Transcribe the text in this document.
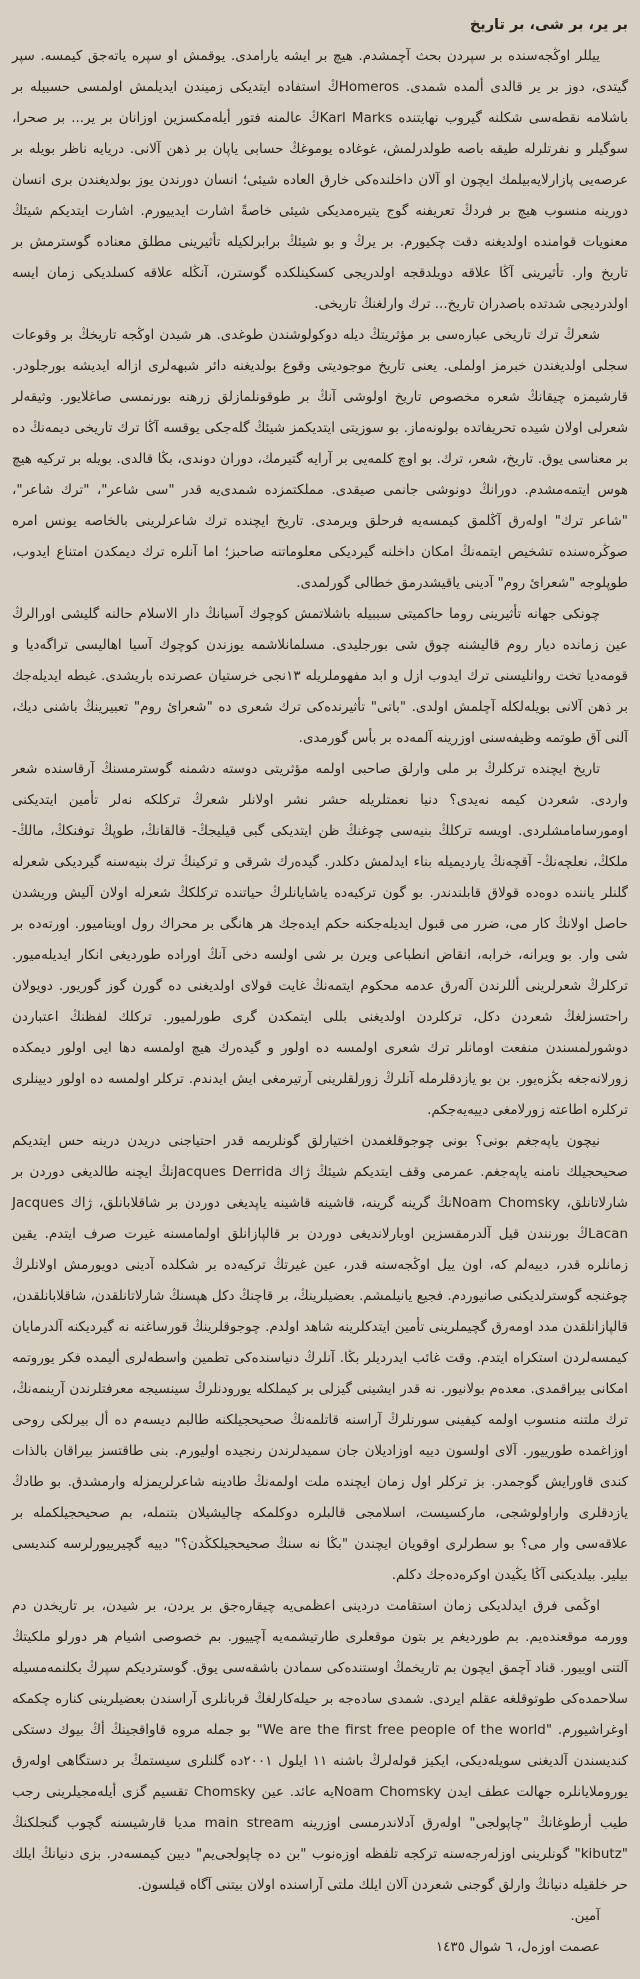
بر یر، بر شی، بر تاریخ

ییللر اوڭجه‌سنده بر سپردن بحث آچمشدم. هیچ بر ایشه یارامدی. یوقمش او سپره یاته‌جق کیمسه. سپر گیتدی، دوز بر یر قالدی ألمده شمدی. Homerosڭ استفاده ایتدیکی زمیندن ایدیلمش اولمسی حسبیله بر باشلامه نقطه‌سی شکلنه گیروب نهایتنده Karl Marksڭ عالمنه فتور أیله‌مکسزین اوزانان بر یر... بر صحرا، سوگیلر و نفرتلرله طیقه باصه طولدرلمش، غوغاده یوموغڭ حسابی یاپان بر ذهن آلانی. دریایه ناظر بویله بر عرصه‌یی پازارلایه‌بیلمك ایچون او آلان داخلنده‌کی خارق العاده شیئی؛ انسان دورندن یوز بولدیغندن بری انسان دورینه منسوب هیچ بر فردڭ تعریفنه گوج یتیره‌مدیکی شیئی خاصةً اشارت ایدییورم. اشارت ایتدیکم شیئڭ معنویات قوامنده اولدیغنه دقت چکیورم. بر یرڭ و بو شیئڭ برابرلکیله تأثیرینی مطلق معناده گوسترمش بر تاریخ وار. تأثیرینی آڭا علاقه دویلدقجه اولدریجی کسکینلکده گوسترن، آنڭله علاقه کسلدیکی زمان ایسه اولدردیجی شدتده باصدران تاریخ... ترك وارلغنڭ تاریخی.

شعرڭ ترك تاریخی عباره‌سی بر مؤثریتڭ دیله دوکولوشندن طوغدی. هر شیدن اوڭجه تاریخڭ بر وقوعات سجلی اولدیغندن خبرمز اولملی. یعنی تاریخ موجودیتی وقوع بولدیغنه دائر شبهه‌لری ازاله ایدیشه بورجلودر. قارشیمزه چیقانڭ شعره مخصوص تاریخ اولوشی آنڭ بر طوقونلمازلق زرهنه بورنمسی صاغلایور. وثیقه‌لر شعرلی اولان شیده تحریفاتده بولونه‌ماز. بو سوزیتی ایتدیکمز شیئڭ گله‌جکی یوقسه آڭا ترك تاریخی دیمه‌نڭ ده بر معناسی یوق. تاریخ، شعر، ترك. بو اوچ کلمه‌یی بر آرایه گتیرمك، دوران دوندی، بڭا قالدی. بویله بر ترکیه هیچ هوس ایتمه‌مشدم. دورانڭ دونوشی جانمی صیقدی. مملکتمزده شمدی‌یه قدر "سی شاعر"، "ترك شاعر"، "شاعر ترك" اوله‌رق آڭلمق کیمسه‌یه فرحلق ویرمدی. تاریخ ایچنده ترك شاعرلرینی بالخاصه یونس امره صوڭره‌سنده تشخیص ایتمه‌نڭ امکان داخلنه گیردیکی معلوماتنه صاحبز؛ اما آنلره ترك دیمکدن امتناع ایدوب، طوپلوجه "شعرائ روم" آدینی یاقیشدرمق خطالی گورلمدی.

چونکی جهانه تأثیرینی روما حاکمیتی سببیله باشلاتمش کوچوك آسیانڭ دار الاسلام حالنه گلیشی اورالرڭ عین زمانده دیار روم قالیشنه چوق شی بورجلیدی. مسلمانلاشمه یوزندن کوچوك آسیا اهالیسی تراگه‌دیا و قومه‌دیا تخت روانلیسنی ترك ایدوب ازل و ابد مفهوملریله ١٣نجی خرستیان عصرنده باریشدی. غبطه ایدیله‌جك بر ذهن آلانی بویله‌لکله آچلمش اولدی. "باتی" تأثیرنده‌کی ترك شعری ده "شعرائ روم" تعبیرینڭ باشنی دیك، آلنی آق طوتمه وظیفه‌سنی اوزرینه آلمه‌ده بر بأس گورمدی.

تاریخ ایچنده ترکلرڭ بر ملی وارلق صاحبی اولمه مؤثریتی دوسته دشمنه گوسترمسنڭ آرقاسنده شعر واردی. شعردن کیمه نه‌یدی؟ دنیا نعمتلریله حشر نشر اولانلر شعرڭ ترکلکه نه‌لر تأمین ایتدیکنی اومورسامامشلردی. اویسه ترکلڭ بنیه‌سی چوغنڭ ظن ایتدیکی گبی قیلیجڭ- قالقانڭ، طوپڭ توفنکڭ، مالڭ- ملکڭ، نعلچه‌نڭ- آقچه‌نڭ یاردیمیله بناء ایدلمش دکلدر. گیده‌رك شرقی و ترکینڭ ترك بنیه‌سنه گیردیکی شعرله گلنلر یاننده دوه‌ده قولاق قابلندندر. بو گون ترکیه‌ده یاشایانلرڭ حیاتنده ترکلکڭ شعرله اولان آلیش وریشدن حاصل اولانڭ کار می، ضرر می قبول ایدیله‌جکنه حکم ایده‌جك هر هانگی بر محراك رول اوینامیور. اورته‌ده بر شی وار. بو ویرانه، خرابه، انقاض انطباعی ویرن بر شی اولسه دخی آنڭ اوراده طوردیغی انکار ایدیله‌میور. ترکلرڭ شعرلرینی أللرندن آله‌رق عدمه محکوم ایتمه‌نڭ غایت قولای اولدیغنی ده گورن گوز گوریور. دویولان راحتسزلغڭ شعردن دکل، ترکلردن اولدیغنی بللی ایتمکدن گری طورلمیور. ترکلك لفظنڭ اعتباردن دوشورلمسندن منفعت اومانلر ترك شعری اولمسه ده اولور و گیده‌رك هیچ اولمسه دها ایی اولور دیمکده زورلانه‌جغه بڭزه‌یور. بن بو یازدقلرمله آنلرڭ زورلقلرینی آرتیرمغی ایش ایدندم. ترکلر اولمسه ده اولور دیینلری ترکلره اطاعته زورلامغی دییه‌یه‌جکم.

نیچون یاپه‌جغم بونی؟ بونی چوجوقلغمدن اختیارلق گونلریمه قدر احتیاجنی دریدن درینه حس ایتدیکم صحیحجیلك نامنه یاپه‌جغم. عمرمی وقف ایتدیکم شیئڭ ژاك Jacques Derridaنڭ ایچنه طالدیغی دوردن بر شارلاتانلق، Noam Chomskyنڭ گرینه گرینه، قاشینه قاشینه یاپدیغی دوردن بر شاقلابانلق، ژاك Jacques Lacanڭ بورنندن قیل آلدرمقسزین اوبارلاندیغی دوردن بر قالپازانلق اولمامسنه غیرت صرف ایتدم. یقین زمانلره قدر، دییه‌لم که، اون ییل اوڭجه‌سنه قدر، عین غیرتڭ ترکیه‌ده بر شکلده آدینی دویورمش اولانلرڭ چوغنجه گوسترلدیکنی صانیوردم. فجیع یانیلمشم. بعضیلرینڭ، بر قاچنڭ دکل هپسنڭ شارلاتانلقدن، شاقلابانلقدن، قالپازانلقدن مدد اومه‌رق گچیملرینی تأمین ایتدکلرینه شاهد اولدم. چوجوقلرینڭ قورساغنه نه گیردیکنه آلدرمایان کیمسه‌لردن استکراه ایتدم. وقت غائب ایدردیلر بڭا. آنلرڭ دنیاسنده‌کی تطمین واسطه‌لری ألیمده فکر یوروتمه امکانی بیراقمدی. معده‌م بولانیور. نه قدر ایشینی گیزلی بر کیملکله یورودنلرڭ سینسیجه معرفتلرندن آرینمه‌نڭ، ترك ملتنه منسوب اولمه کیفینی سورنلرڭ آراسنه قاتلمه‌نڭ صحیحجیلکنه طالبم دیسه‌م ده أل بیرلکی روحی اوزاغمده طورییور. آلای اولسون دییه اوزادیلان جان سمیدلرندن رنجیده اولیورم. بنی طاقتسز بیراقان بالذات کندی قاورایش گوجمدر. بز ترکلر اول زمان ایچنده ملت اولمه‌نڭ طادینه شاعرلریمزله وارمشدق. بو طادڭ یازدقلری واراولوشجی، مارکسیست، اسلامجی قالبلره دوکلمکه چالیشیلان بتنمله، بم صحیحجیلکمله بر علاقه‌سی وار می؟ بو سطرلری اوقویان ایچندن "بڭا نه سنڭ صحیحجیلکڭدن؟" دییه گچیرییورلرسه کندیسی بیلیر. بیلدیکنی آڭا یڭیدن اوکره‌ده‌جك دکلم.

اوڭمی فرق ایدلدیکی زمان استقامت دردینی اعظمی‌یه چیقاره‌جق بر یردن، بر شیدن، بر تاریخدن دم وورمه موقعنده‌یم. بم طوردیغم یر بتون موقعلری طارتیشمه‌یه آچییور. بم خصوصی اشیام هر دورلو ملکیتڭ آلتنی اوییور. قناد آچمق ایچون بم تاریخمڭ اوستنده‌کی سمادن باشقه‌سی یوق. گوستردیکم سپرڭ بکلنمه‌مسیله سلاحمده‌کی طوتوقلغه عقلم ایردی. شمدی ساده‌جه بر حیله‌کارلغڭ قربانلری آراسندن بعضیلرینی کناره چکمکه اوغراشیورم. "We are the first free people of the world" بو جمله مروه قاواقجینڭ أڭ بیوك دستکی کندیسندن آلدیغنی سویله‌دیکی، ایکیز قوله‌لرڭ باشنه ١١ ایلول ٢٠٠١ده گلنلری سیستمڭ بر دستگاهی اوله‌رق یوروملایانلره جهالت عطف ایدن Noam Chomskyیه عائد. عین Chomsky تقسیم گزی أیله‌مجیلرینی رجب طیب أرطوغانڭ "چاپولجی" اوله‌رق آدلاندرمسی اوزرینه main stream مدیا قارشیسنه گچوب گنجلکنڭ "kibutz" گونلرینی اوزله‌رجه‌سنه ترکجه تلفظه اوزه‌نوب "بن ده چاپولجی‌یم" دیین کیمسه‌در. بزی دنیانڭ ایلك حر خلقیله دنیانڭ وارلق گوجنی شعردن آلان ایلك ملتی آراسنده اولان بیتنی آگاه قیلسون.

آمین.

عصمت اوزه‌ل، ٦ شوال ١٤٣٥
